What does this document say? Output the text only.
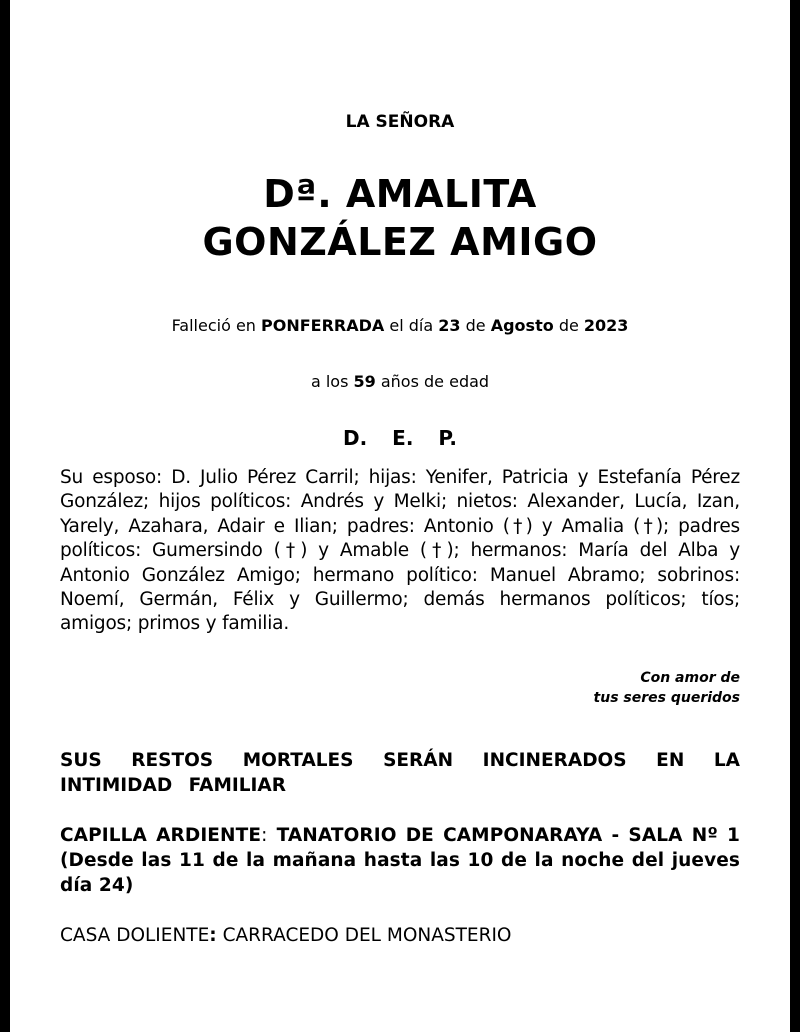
LA SEÑORA

Dª. AMALITA
GONZÁLEZ AMIGO

Falleció en PONFERRADA el día 23 de Agosto de 2023

a los 59 años de edad

D. E. P.

Su esposo: D. Julio Pérez Carril; hijas: Yenifer, Patricia y Estefanía Pérez González; hijos políticos: Andrés y Melki; nietos: Alexander, Lucía, Izan, Yarely, Azahara, Adair e Ilian; padres: Antonio (†) y Amalia (†); padres políticos: Gumersindo (†) y Amable (†); hermanos: María del Alba y Antonio González Amigo; hermano político: Manuel Abramo; sobrinos: Noemí, Germán, Félix y Guillermo; demás hermanos políticos; tíos; amigos; primos y familia.

Con amor de
tus seres queridos

SUS RESTOS MORTALES SERÁN INCINERADOS EN LA INTIMIDAD FAMILIAR

CAPILLA ARDIENTE: TANATORIO DE CAMPONARAYA - SALA Nº 1 (Desde las 11 de la mañana hasta las 10 de la noche del jueves día 24)

CASA DOLIENTE: CARRACEDO DEL MONASTERIO
